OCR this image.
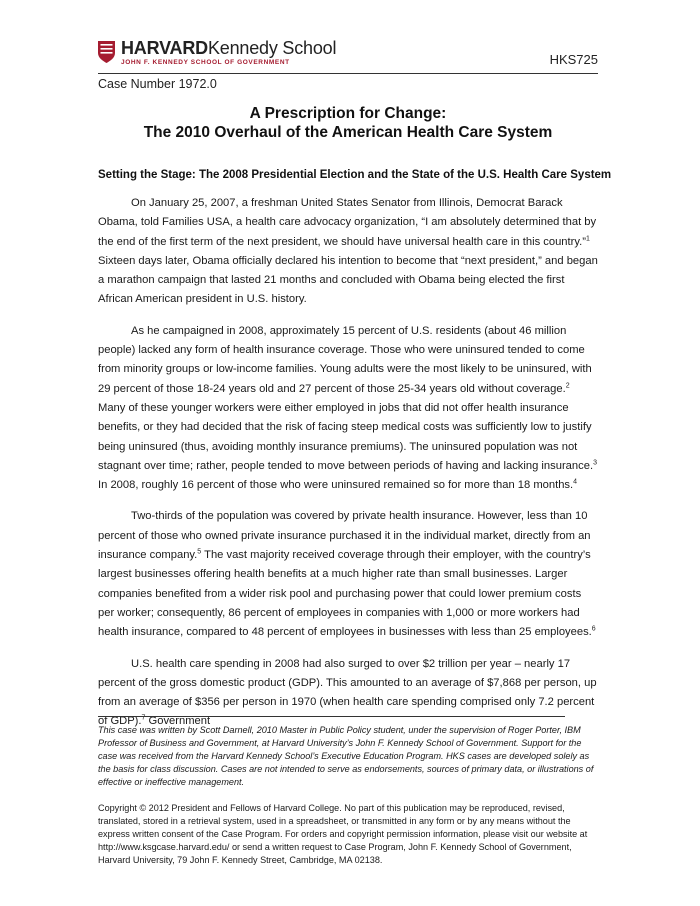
HARVARDKennedy School
JOHN F. KENNEDY SCHOOL OF GOVERNMENT	HKS725
Case Number 1972.0
A Prescription for Change:
The 2010 Overhaul of the American Health Care System
Setting the Stage: The 2008 Presidential Election and the State of the U.S. Health Care System

On January 25, 2007, a freshman United States Senator from Illinois, Democrat Barack Obama, told Families USA, a health care advocacy organization, “I am absolutely determined that by the end of the first term of the next president, we should have universal health care in this country.”$^1$ Sixteen days later, Obama officially declared his intention to become that “next president,” and began a marathon campaign that lasted 21 months and concluded with Obama being elected the first African American president in U.S. history.

As he campaigned in 2008, approximately 15 percent of U.S. residents (about 46 million people) lacked any form of health insurance coverage. Those who were uninsured tended to come from minority groups or low-income families. Young adults were the most likely to be uninsured, with 29 percent of those 18-24 years old and 27 percent of those 25-34 years old without coverage.$^2$ Many of these younger workers were either employed in jobs that did not offer health insurance benefits, or they had decided that the risk of facing steep medical costs was sufficiently low to justify being uninsured (thus, avoiding monthly insurance premiums). The uninsured population was not stagnant over time; rather, people tended to move between periods of having and lacking insurance.$^3$ In 2008, roughly 16 percent of those who were uninsured remained so for more than 18 months.$^4$

Two-thirds of the population was covered by private health insurance. However, less than 10 percent of those who owned private insurance purchased it in the individual market, directly from an insurance company.$^5$ The vast majority received coverage through their employer, with the country’s largest businesses offering health benefits at a much higher rate than small businesses. Larger companies benefited from a wider risk pool and purchasing power that could lower premium costs per worker; consequently, 86 percent of employees in companies with 1,000 or more workers had health insurance, compared to 48 percent of employees in businesses with less than 25 employees.$^6$

U.S. health care spending in 2008 had also surged to over $2 trillion per year – nearly 17 percent of the gross domestic product (GDP). This amounted to an average of $7,868 per person, up from an average of $356 per person in 1970 (when health care spending comprised only 7.2 percent of GDP).$^7$ Government

This case was written by Scott Darnell, 2010 Master in Public Policy student, under the supervision of Roger Porter, IBM Professor of Business and Government, at Harvard University’s John F. Kennedy School of Government. Support for the case was received from the Harvard Kennedy School’s Executive Education Program. HKS cases are developed solely as the basis for class discussion. Cases are not intended to serve as endorsements, sources of primary data, or illustrations of effective or ineffective management.
Copyright © 2012 President and Fellows of Harvard College. No part of this publication may be reproduced, revised, translated, stored in a retrieval system, used in a spreadsheet, or transmitted in any form or by any means without the express written consent of the Case Program. For orders and copyright permission information, please visit our website at http://www.ksgcase.harvard.edu/ or send a written request to Case Program, John F. Kennedy School of Government, Harvard University, 79 John F. Kennedy Street, Cambridge, MA 02138.
